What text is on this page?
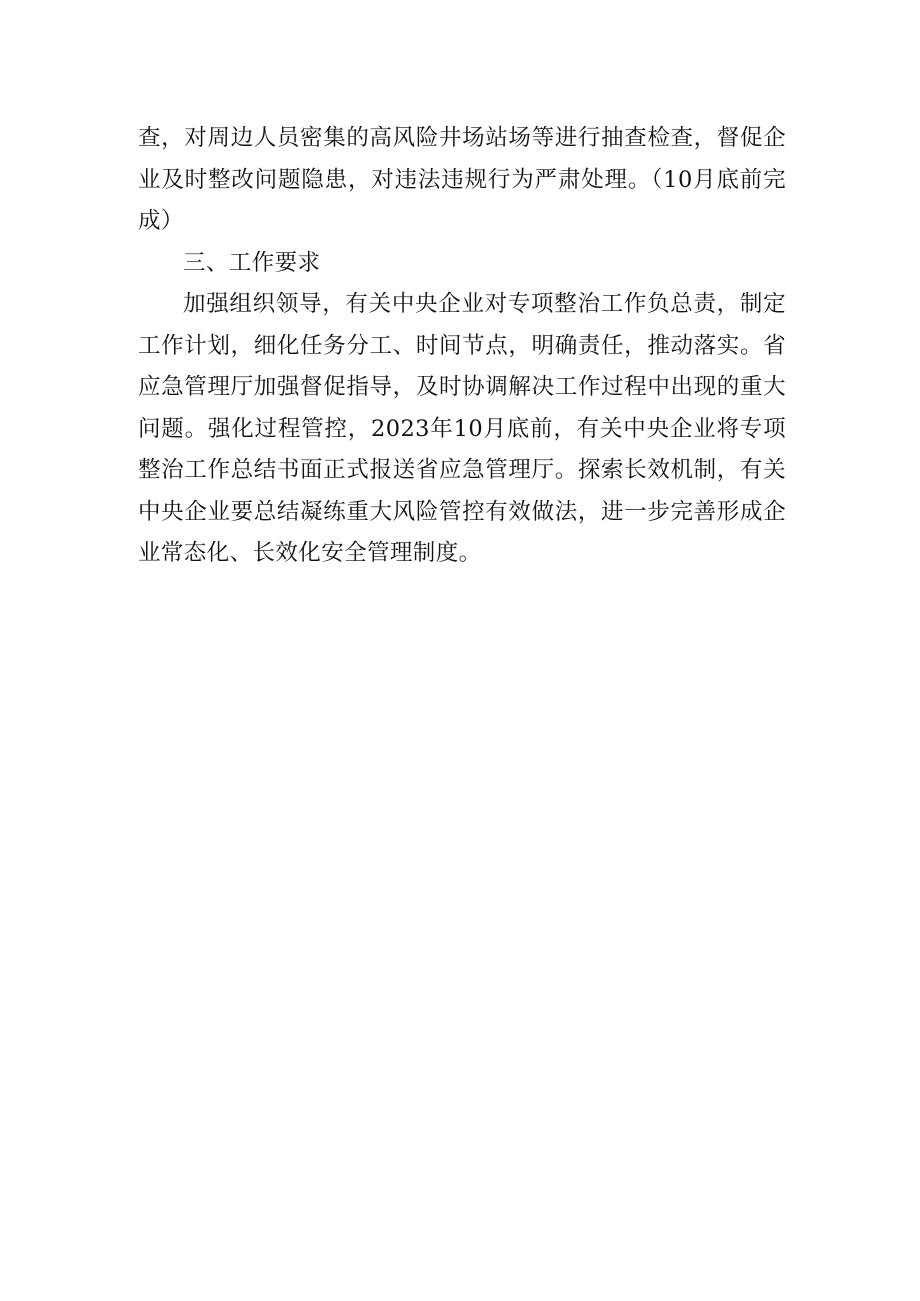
查，对周边人员密集的高风险井场站场等进行抽查检查，督促企业及时整改问题隐患，对违法违规行为严肃处理。（10月底前完成）

三、工作要求

加强组织领导，有关中央企业对专项整治工作负总责，制定工作计划，细化任务分工、时间节点，明确责任，推动落实。省应急管理厅加强督促指导，及时协调解决工作过程中出现的重大问题。强化过程管控，2023年10月底前，有关中央企业将专项整治工作总结书面正式报送省应急管理厅。探索长效机制，有关中央企业要总结凝练重大风险管控有效做法，进一步完善形成企业常态化、长效化安全管理制度。
